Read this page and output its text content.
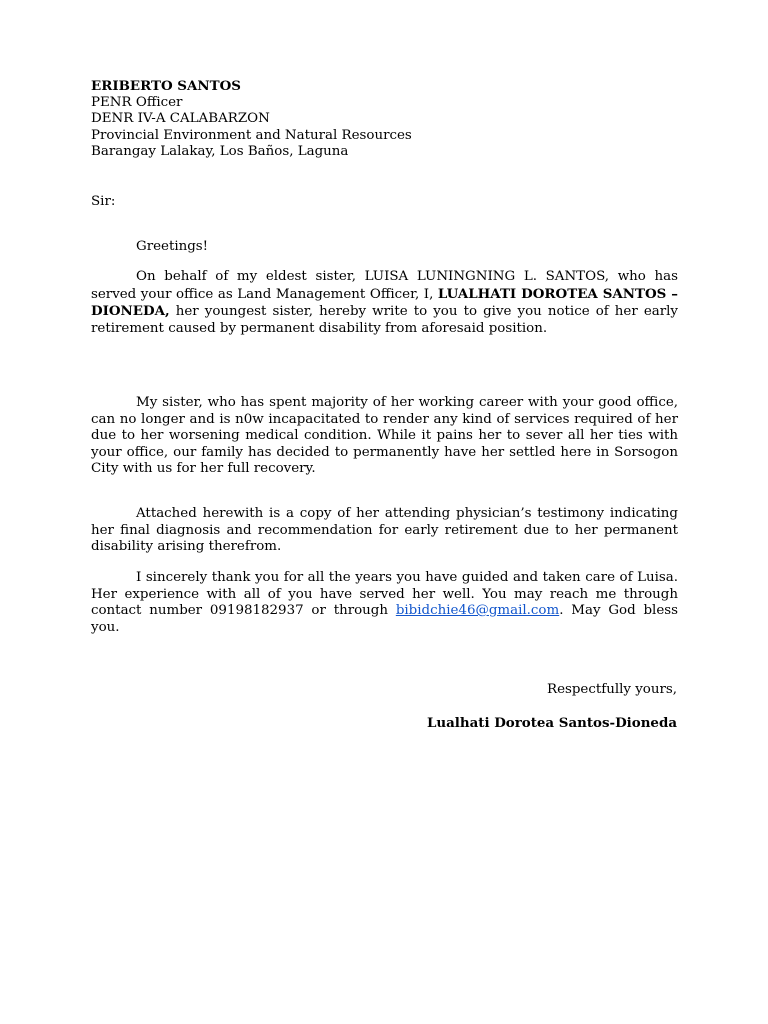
ERIBERTO SANTOS
PENR Officer
DENR IV-A CALABARZON
Provincial Environment and Natural Resources
Barangay Lalakay, Los Baños, Laguna
Sir:
Greetings!

On behalf of my eldest sister, LUISA LUNINGNING L. SANTOS, who has served your office as Land Management Officer, I, LUALHATI DOROTEA SANTOS – DIONEDA, her youngest sister, hereby write to you to give you notice of her early retirement caused by permanent disability from aforesaid position.

My sister, who has spent majority of her working career with your good office, can no longer and is n0w incapacitated to render any kind of services required of her due to her worsening medical condition. While it pains her to sever all her ties with your office, our family has decided to permanently have her settled here in Sorsogon City with us for her full recovery.

Attached herewith is a copy of her attending physician’s testimony indicating her final diagnosis and recommendation for early retirement due to her permanent disability arising therefrom.

I sincerely thank you for all the years you have guided and taken care of Luisa. Her experience with all of you have served her well. You may reach me through contact number 09198182937 or through bibidchie46@gmail.com. May God bless you.

Respectfully yours,
Lualhati Dorotea Santos-Dioneda
